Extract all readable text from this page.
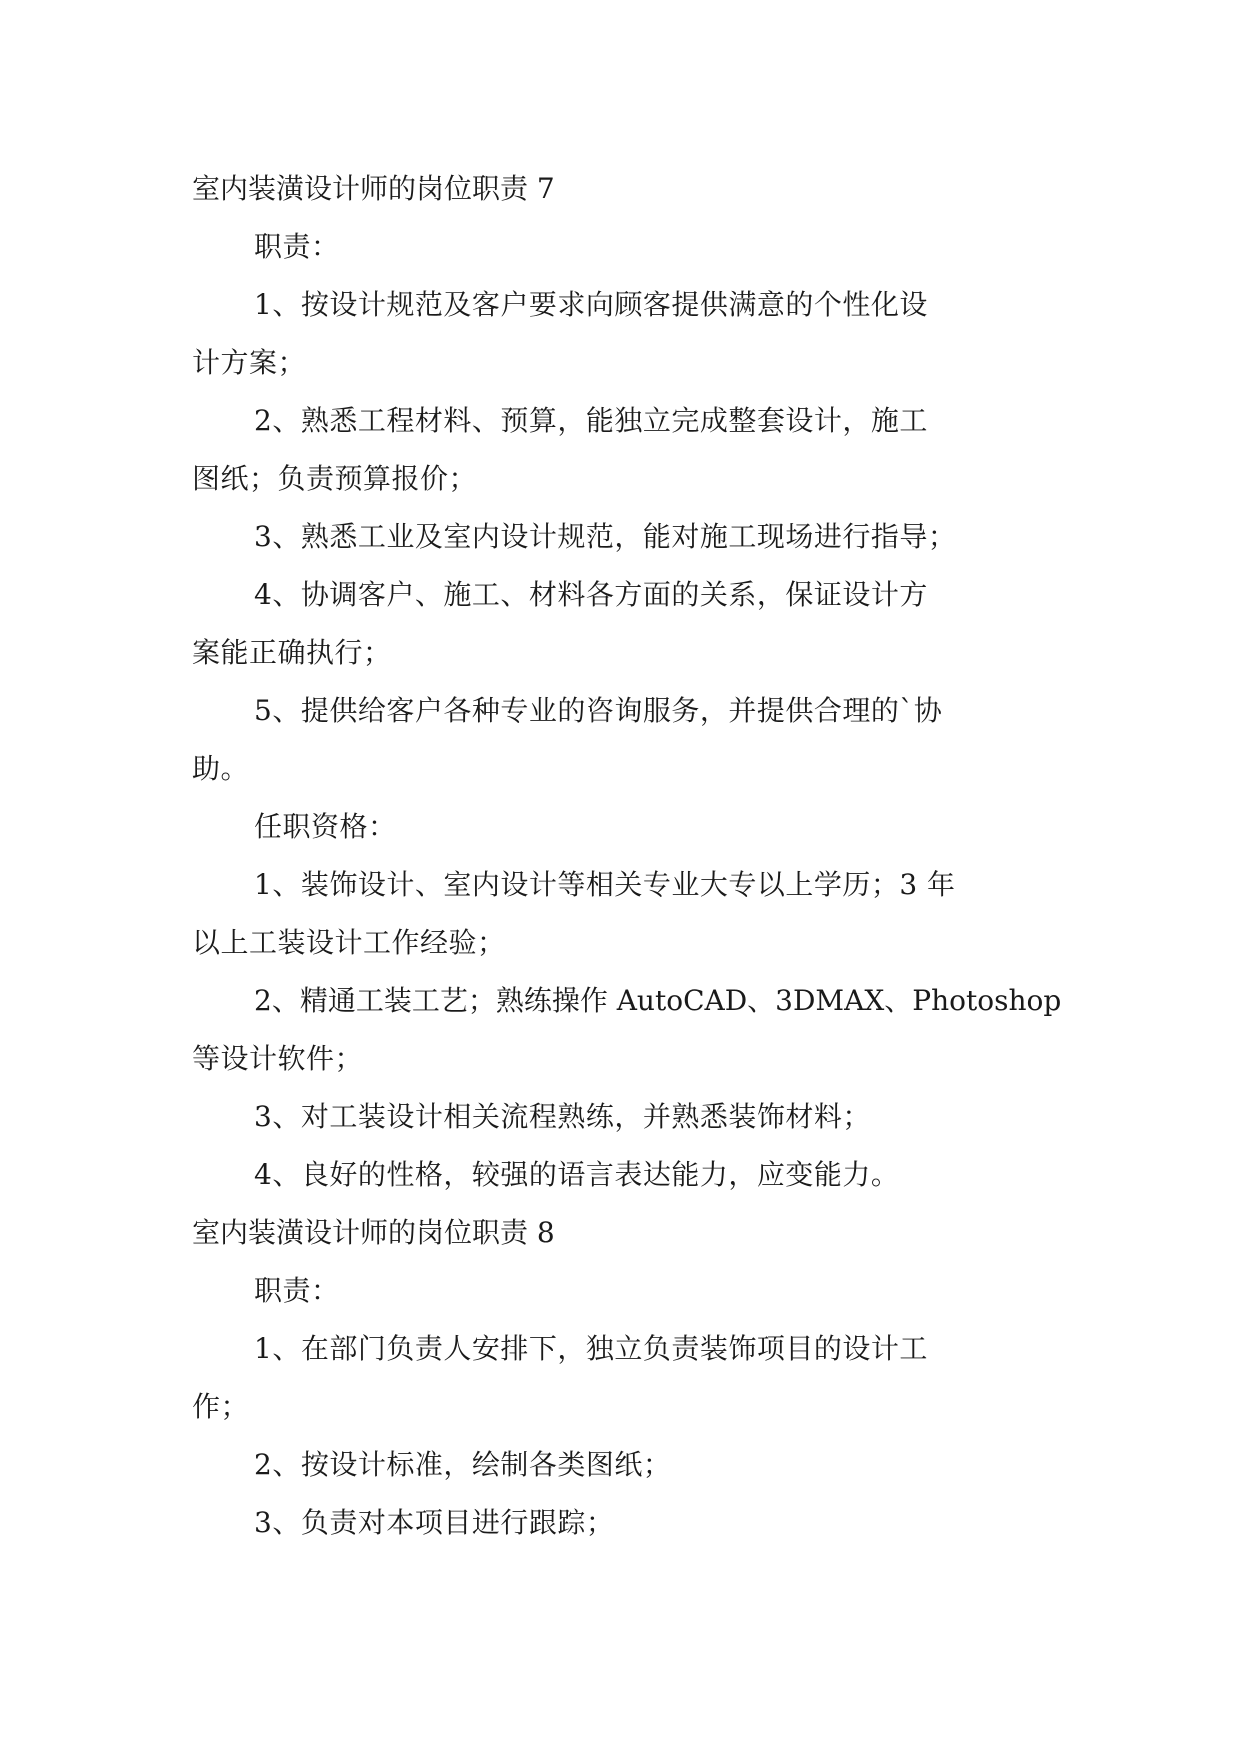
室内装潢设计师的岗位职责 7
职责：
1、按设计规范及客户要求向顾客提供满意的个性化设
计方案；
2、熟悉工程材料、预算，能独立完成整套设计，施工
图纸；负责预算报价；
3、熟悉工业及室内设计规范，能对施工现场进行指导；
4、协调客户、施工、材料各方面的关系，保证设计方
案能正确执行；
5、提供给客户各种专业的咨询服务，并提供合理的`协
助。
任职资格：
1、装饰设计、室内设计等相关专业大专以上学历；3 年
以上工装设计工作经验；
2、精通工装工艺；熟练操作 AutoCAD、3DMAX、Photoshop
等设计软件；
3、对工装设计相关流程熟练，并熟悉装饰材料；
4、良好的性格，较强的语言表达能力，应变能力。
室内装潢设计师的岗位职责 8
职责：
1、在部门负责人安排下，独立负责装饰项目的设计工
作；
2、按设计标准，绘制各类图纸；
3、负责对本项目进行跟踪；
